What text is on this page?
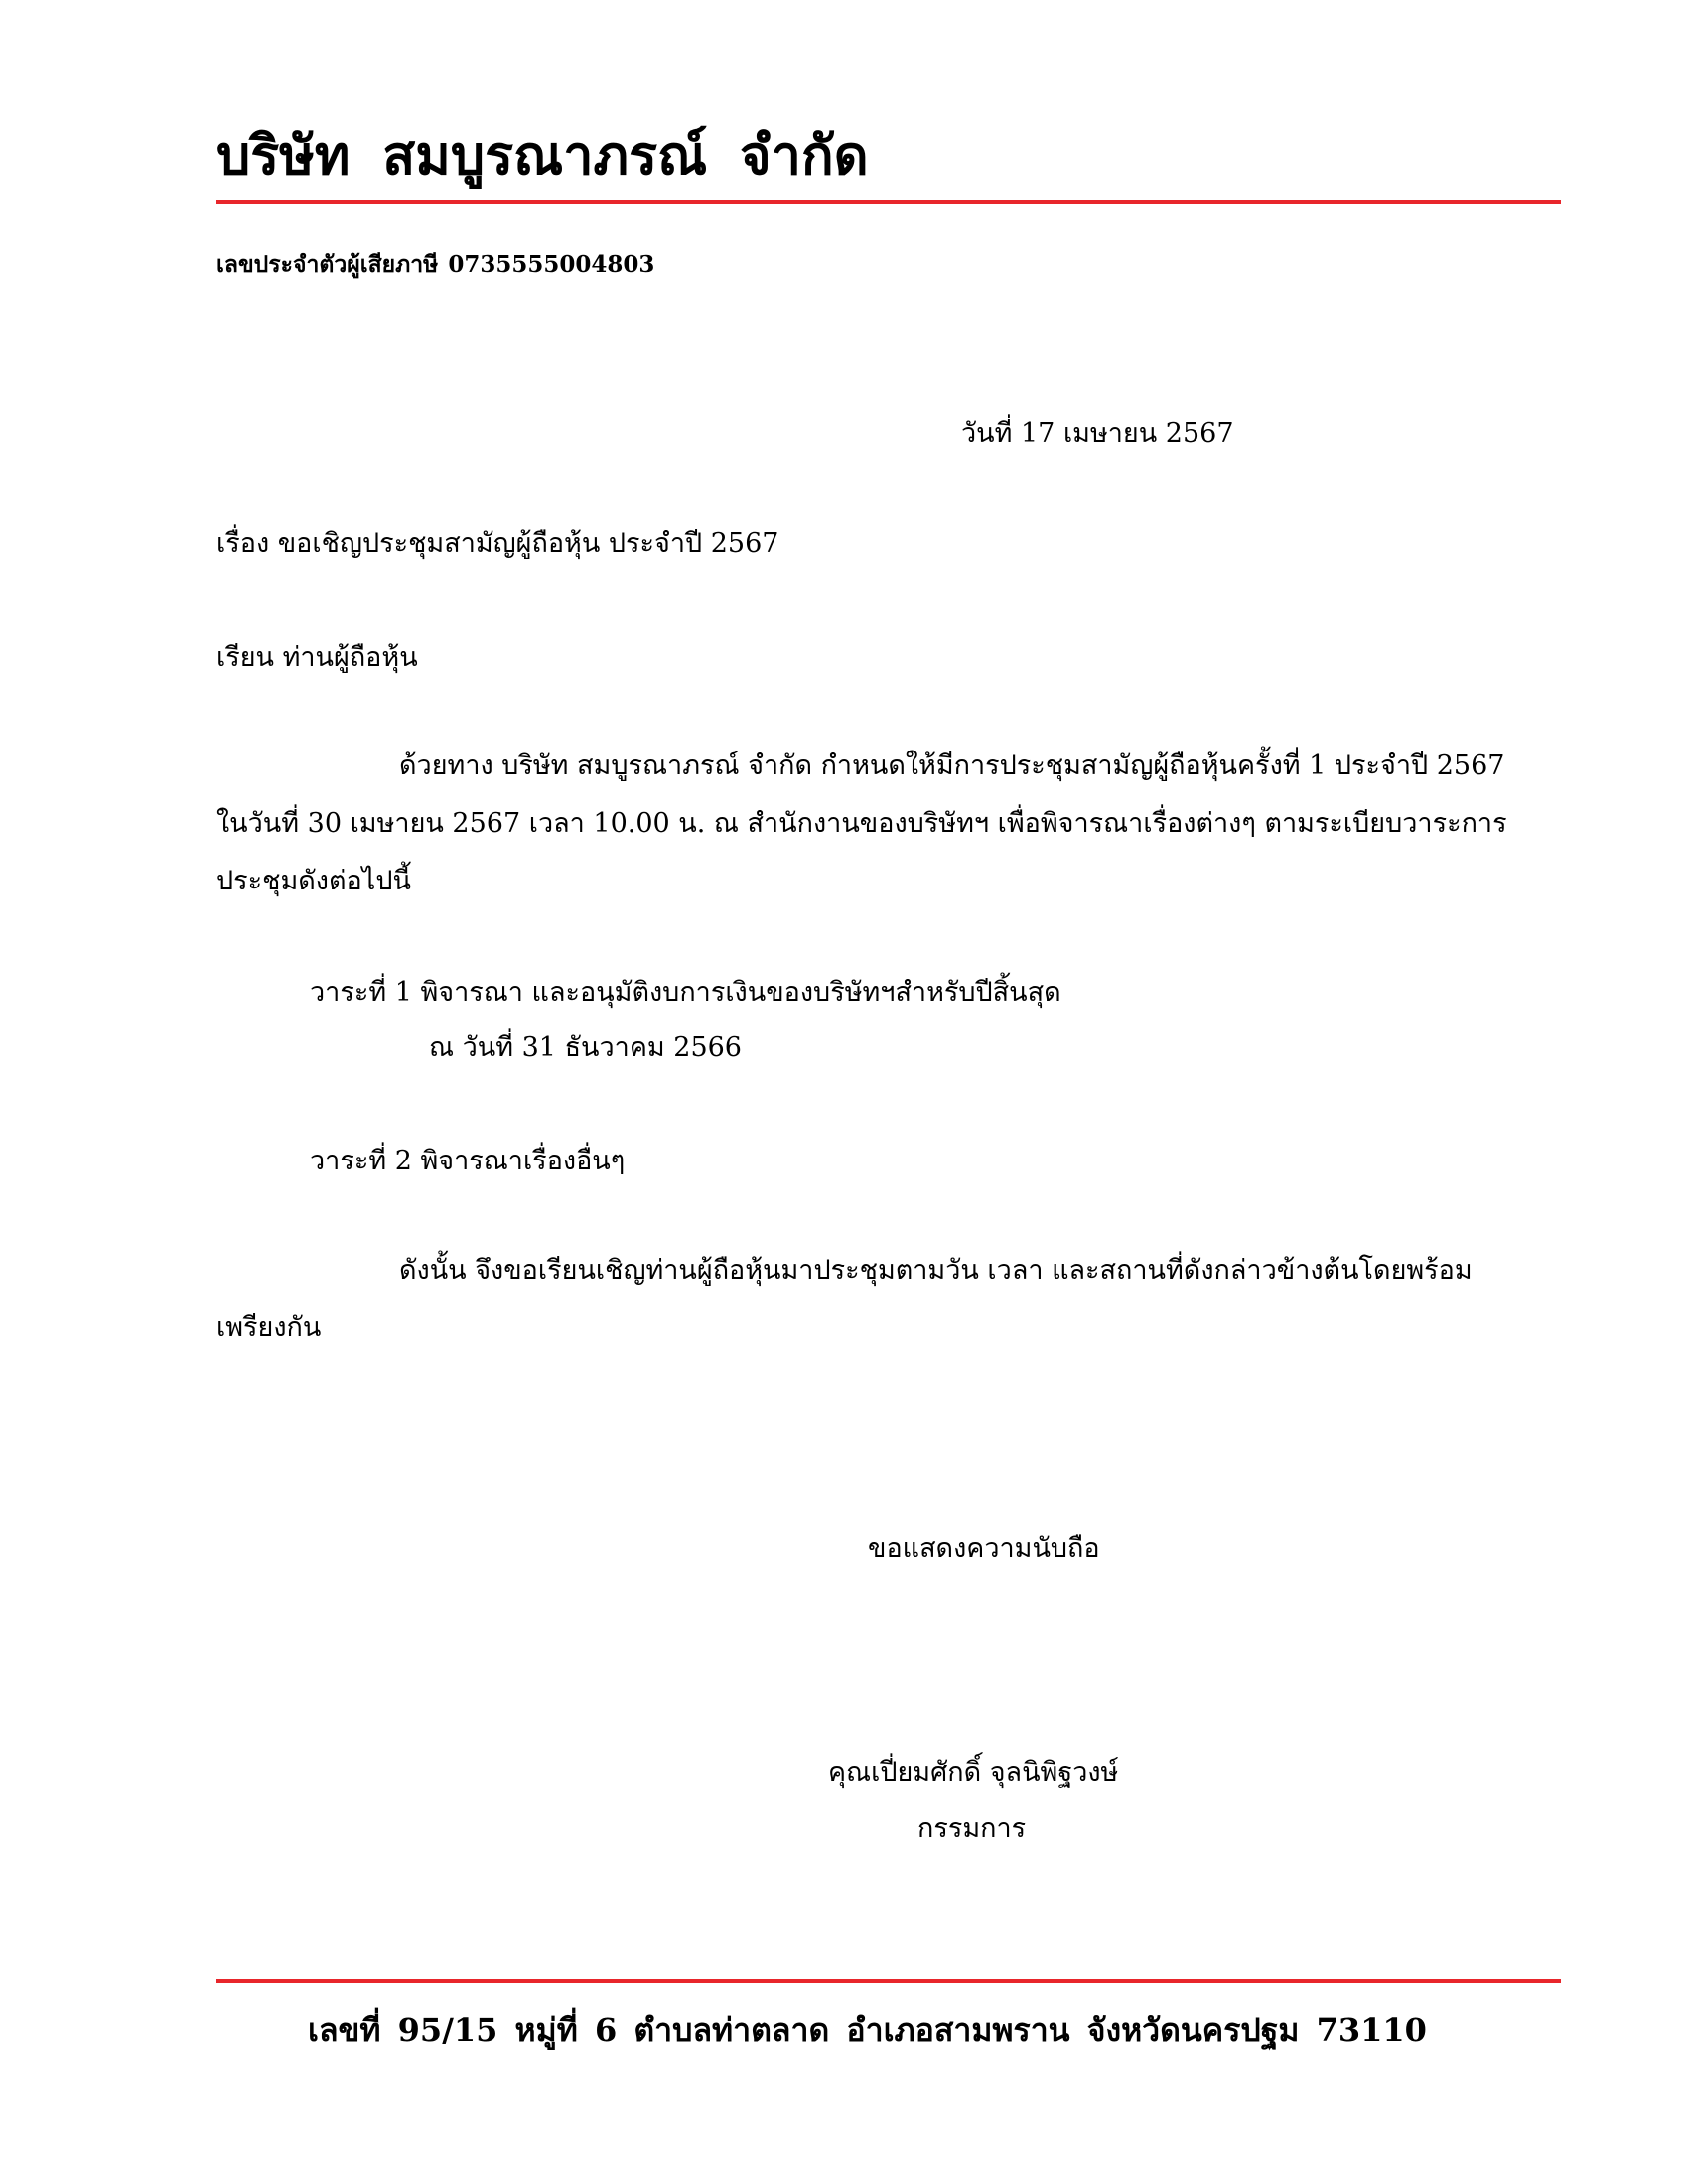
บริษัท สมบูรณาภรณ์ จำกัด
เลขประจำตัวผู้เสียภาษี 0735555004803
วันที่ 17 เมษายน 2567
เรื่อง ขอเชิญประชุมสามัญผู้ถือหุ้น ประจำปี 2567
เรียน ท่านผู้ถือหุ้น
ด้วยทาง บริษัท สมบูรณาภรณ์ จำกัด กำหนดให้มีการประชุมสามัญผู้ถือหุ้นครั้งที่ 1 ประจำปี 2567
ในวันที่ 30 เมษายน 2567 เวลา 10.00 น. ณ สำนักงานของบริษัทฯ เพื่อพิจารณาเรื่องต่างๆ ตามระเบียบวาระการ
ประชุมดังต่อไปนี้
วาระที่ 1 พิจารณา และอนุมัติงบการเงินของบริษัทฯสำหรับปีสิ้นสุด
ณ วันที่ 31 ธันวาคม 2566
วาระที่ 2 พิจารณาเรื่องอื่นๆ
ดังนั้น จึงขอเรียนเชิญท่านผู้ถือหุ้นมาประชุมตามวัน เวลา และสถานที่ดังกล่าวข้างต้นโดยพร้อม
เพรียงกัน
ขอแสดงความนับถือ
คุณเปี่ยมศักดิ์ จุลนิพิฐวงษ์
กรรมการ
เลขที่ 95/15 หมู่ที่ 6 ตำบลท่าตลาด อำเภอสามพราน จังหวัดนครปฐม 73110
